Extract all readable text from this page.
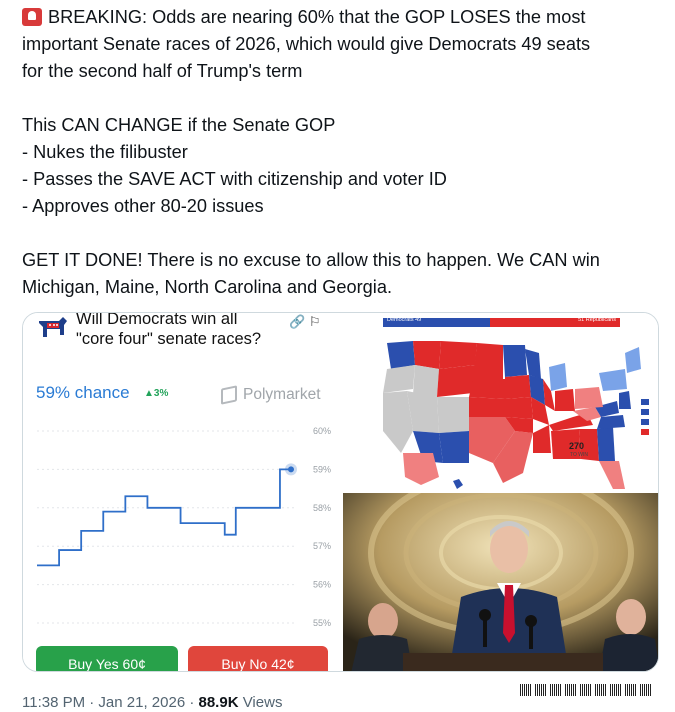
BREAKING: Odds are nearing 60% that the GOP LOSES the most

important Senate races of 2026, which would give Democrats 49 seats

for the second half of Trump's term

This CAN CHANGE if the Senate GOP

- Nukes the filibuster

- Passes the SAVE ACT with citizenship and voter ID

- Approves other 80-20 issues

GET IT DONE! There is no excuse to allow this to happen. We CAN win

Michigan, Maine, North Carolina and Georgia.

Will Democrats win all "core four" senate races?
🔗 ⚐
59% chance ▲3%	Polymarket
60%
59%
58%
57%
56%
55%
Buy Yes 60¢	Buy No 42¢
Democrats 49	51 Republicans
270
TO WIN
11:38 PM · Jan 21, 2026 · 88.9K Views
